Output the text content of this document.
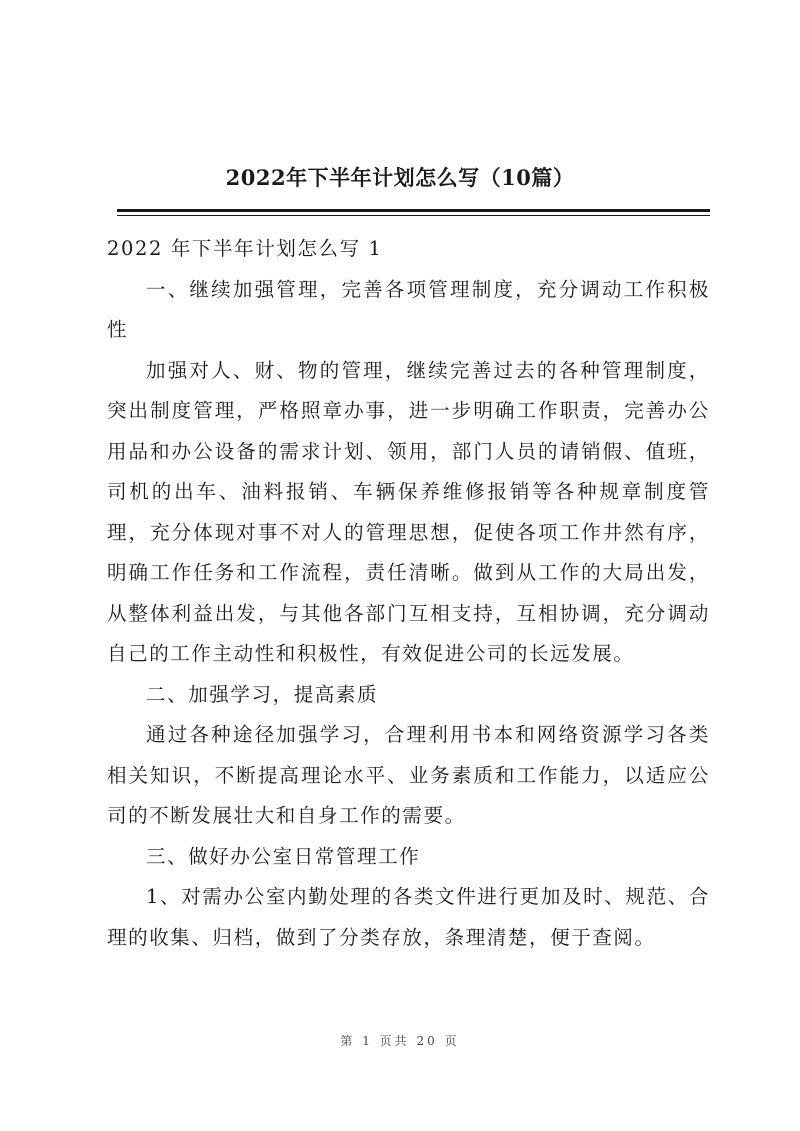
2022年下半年计划怎么写（10篇）

2022 年下半年计划怎么写 1

一、继续加强管理，完善各项管理制度，充分调动工作积极性

加强对人、财、物的管理，继续完善过去的各种管理制度，突出制度管理，严格照章办事，进一步明确工作职责，完善办公用品和办公设备的需求计划、领用，部门人员的请销假、值班，司机的出车、油料报销、车辆保养维修报销等各种规章制度管理，充分体现对事不对人的管理思想，促使各项工作井然有序，明确工作任务和工作流程，责任清晰。做到从工作的大局出发，从整体利益出发，与其他各部门互相支持，互相协调，充分调动自己的工作主动性和积极性，有效促进公司的长远发展。

二、加强学习，提高素质

通过各种途径加强学习，合理利用书本和网络资源学习各类相关知识，不断提高理论水平、业务素质和工作能力，以适应公司的不断发展壮大和自身工作的需要。

三、做好办公室日常管理工作

1、对需办公室内勤处理的各类文件进行更加及时、规范、合理的收集、归档，做到了分类存放，条理清楚，便于查阅。

第 1 页共 20 页
